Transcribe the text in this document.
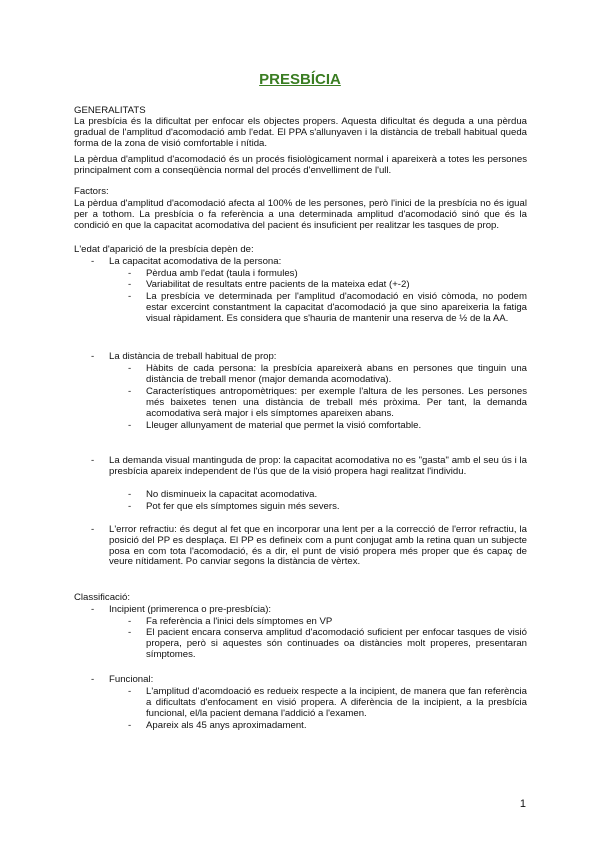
PRESBÍCIA
GENERALITATS

La presbícia és la dificultat per enfocar els objectes propers. Aquesta dificultat és deguda a una pèrdua gradual de l'amplitud d'acomodació amb l'edat. El PPA s'allunyaven i la distància de treball habitual queda forma de la zona de visió comfortable i nítida.

La pèrdua d'amplitud d'acomodació és un procés fisiològicament normal i apareixerà a totes les persones principalment com a conseqüència normal del procés d'envelliment de l'ull.

Factors:

La pèrdua d'amplitud d'acomodació afecta al 100% de les persones, però l'inici de la presbícia no és igual per a tothom. La presbícia o fa referència a una determinada amplitud d'acomodació sinó que és la condició en que la capacitat acomodativa del pacient és insuficient per realitzar les tasques de prop.

L'edat d'aparició de la presbícia depèn de:
- La capacitat acomodativa de la persona:
- Pèrdua amb l'edat (taula i formules)

- Variabilitat de resultats entre pacients de la mateixa edat (+-2)

- La presbícia ve determinada per l'amplitud d'acomodació en visió còmoda, no podem estar excercint constantment la capacitat d'acomodació ja que sino apareixeria la fatiga visual ràpidament. Es considera que s'hauria de mantenir una reserva de ½ de la AA.

- La distància de treball habitual de prop:
- Hàbits de cada persona: la presbícia apareixerà abans en persones que tinguin una distància de treball menor (major demanda acomodativa).

- Característiques antropomètriques: per exemple l'altura de les persones. Les persones més baixetes tenen una distància de treball més pròxima. Per tant, la demanda acomodativa serà major i els símptomes apareixen abans.

- Lleuger allunyament de material que permet la visió comfortable.

- La demanda visual mantinguda de prop: la capacitat acomodativa no es "gasta" amb el seu ús i la presbícia apareix independent de l'ús que de la visió propera hagi realitzat l'individu.

- No disminueix la capacitat acomodativa.

- Pot fer que els símptomes siguin més severs.

- L'error refractiu: és degut al fet que en incorporar una lent per a la correcció de l'error refractiu, la posició del PP es desplaça. El PP es defineix com a punt conjugat amb la retina quan un subjecte posa en com tota l'acomodació, és a dir, el punt de visió propera més proper que és capaç de veure nítidament. Po canviar segons la distància de vèrtex.

Classificació:
- Incipient (primerenca o pre-presbícia):
- Fa referència a l'inici dels símptomes en VP

- El pacient encara conserva amplitud d'acomodació suficient per enfocar tasques de visió propera, però si aquestes són continuades oa distàncies molt properes, presentaran símptomes.

- Funcional:
- L'amplitud d'acomdoació es redueix respecte a la incipient, de manera que fan referència a dificultats d'enfocament en visió propera. A diferència de la incipient, a la presbícia funcional, el/la pacient demana l'addició a l'examen.

- Apareix als 45 anys aproximadament.

1
